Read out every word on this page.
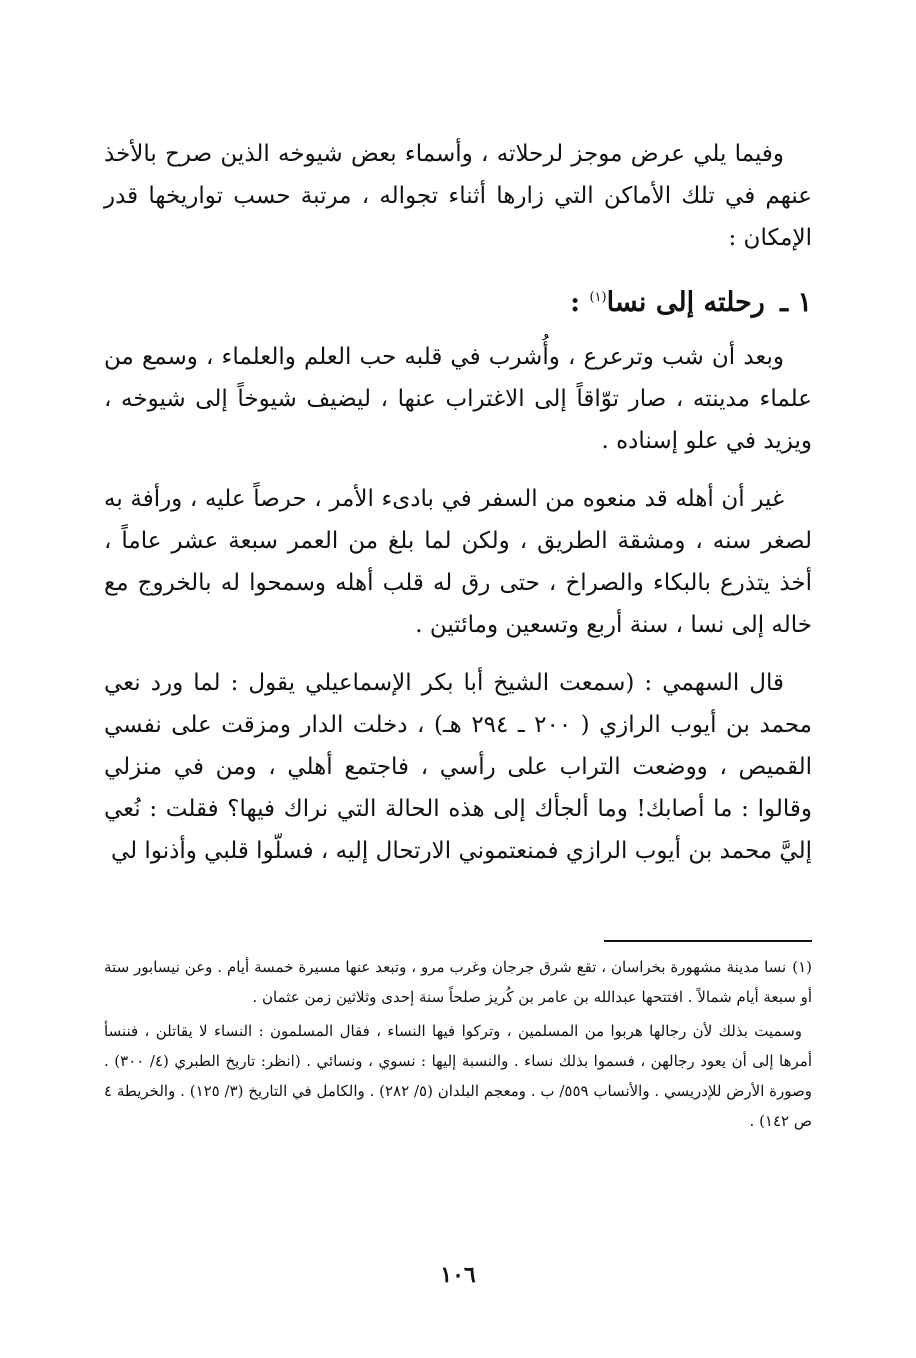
وفيما يلي عرض موجز لرحلاته ، وأسماء بعض شيوخه الذين صرح بالأخذ عنهم في تلك الأماكن التي زارها أثناء تجواله ، مرتبة حسب تواريخها قدر الإمكان :

١ ـ رحلته إلى نسا$^{(١)}$ :

وبعد أن شب وترعرع ، وأُشرب في قلبه حب العلم والعلماء ، وسمع من علماء مدينته ، صار توّاقاً إلى الاغتراب عنها ، ليضيف شيوخاً إلى شيوخه ، ويزيد في علو إسناده .

غير أن أهله قد منعوه من السفر في بادىء الأمر ، حرصاً عليه ، ورأفة به لصغر سنه ، ومشقة الطريق ، ولكن لما بلغ من العمر سبعة عشر عاماً ، أخذ يتذرع بالبكاء والصراخ ، حتى رق له قلب أهله وسمحوا له بالخروج مع خاله إلى نسا ، سنة أربع وتسعين ومائتين .

قال السهمي : (سمعت الشيخ أبا بكر الإسماعيلي يقول : لما ورد نعي محمد بن أيوب الرازي ( ٢٠٠ ـ ٢٩٤ هـ) ، دخلت الدار ومزقت على نفسي القميص ، ووضعت التراب على رأسي ، فاجتمع أهلي ، ومن في منزلي وقالوا : ما أصابك! وما ألجأك إلى هذه الحالة التي نراك فيها؟ فقلت : نُعي إليَّ محمد بن أيوب الرازي فمنعتموني الارتحال إليه ، فسلّوا قلبي وأذنوا لي

(١)نسا مدينة مشهورة بخراسان ، تقع شرق جرجان وغرب مرو ، وتبعد عنها مسيرة خمسة أيام . وعن نيسابور ستة أو سبعة أيام شمالاً . افتتحها عبدالله بن عامر بن كُريز صلحاً سنة إحدى وثلاثين زمن عثمان .

وسميت بذلك لأن رجالها هربوا من المسلمين ، وتركوا فيها النساء ، فقال المسلمون : النساء لا يقاتلن ، فننسأ أمرها إلى أن يعود رجالهن ، فسموا بذلك نساء . والنسبة إليها : نسوي ، ونسائي . (انظر: تاريخ الطبري (٤/ ٣٠٠) . وصورة الأرض للإدريسي . والأنساب ٥٥٩/ ب . ومعجم البلدان (٥/ ٢٨٢) . والكامل في التاريخ (٣/ ١٢٥) . والخريطة ٤ ص ١٤٢) .

١٠٦
